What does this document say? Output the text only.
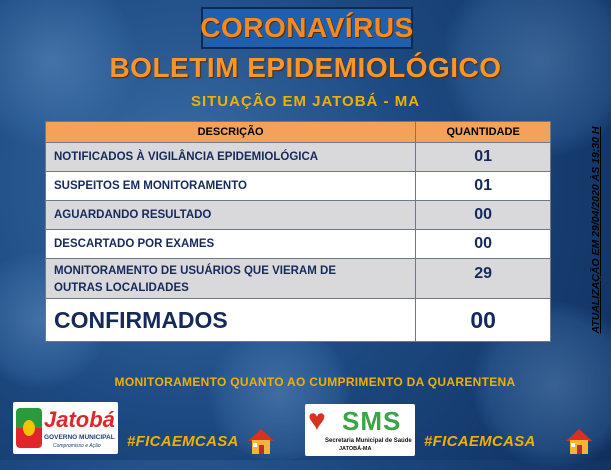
CORONAVÍRUS
BOLETIM EPIDEMIOLÓGICO
SITUAÇÃO EM JATOBÁ - MA
DESCRIÇÃO	QUANTIDADE
NOTIFICADOS À VIGILÂNCIA EPIDEMIOLÓGICA	01
SUSPEITOS EM MONITORAMENTO	01
AGUARDANDO RESULTADO	00
DESCARTADO POR EXAMES	00

MONITORAMENTO DE USUÁRIOS QUE VIERAM DE
OUTRAS LOCALIDADES	29
CONFIRMADOS	00	ATUALIZAÇÃO EM 29/04/2020 ÀS 19:30 H
MONITORAMENTO QUANTO AO CUMPRIMENTO DA QUARENTENA
Jatobá
GOVERNO MUNICIPAL
Compromisso e Ação #FICAEMCASA
♥ SMS
Secretaria Municipal de Saúde
JATOBÁ-MA	#FICAEMCASA
